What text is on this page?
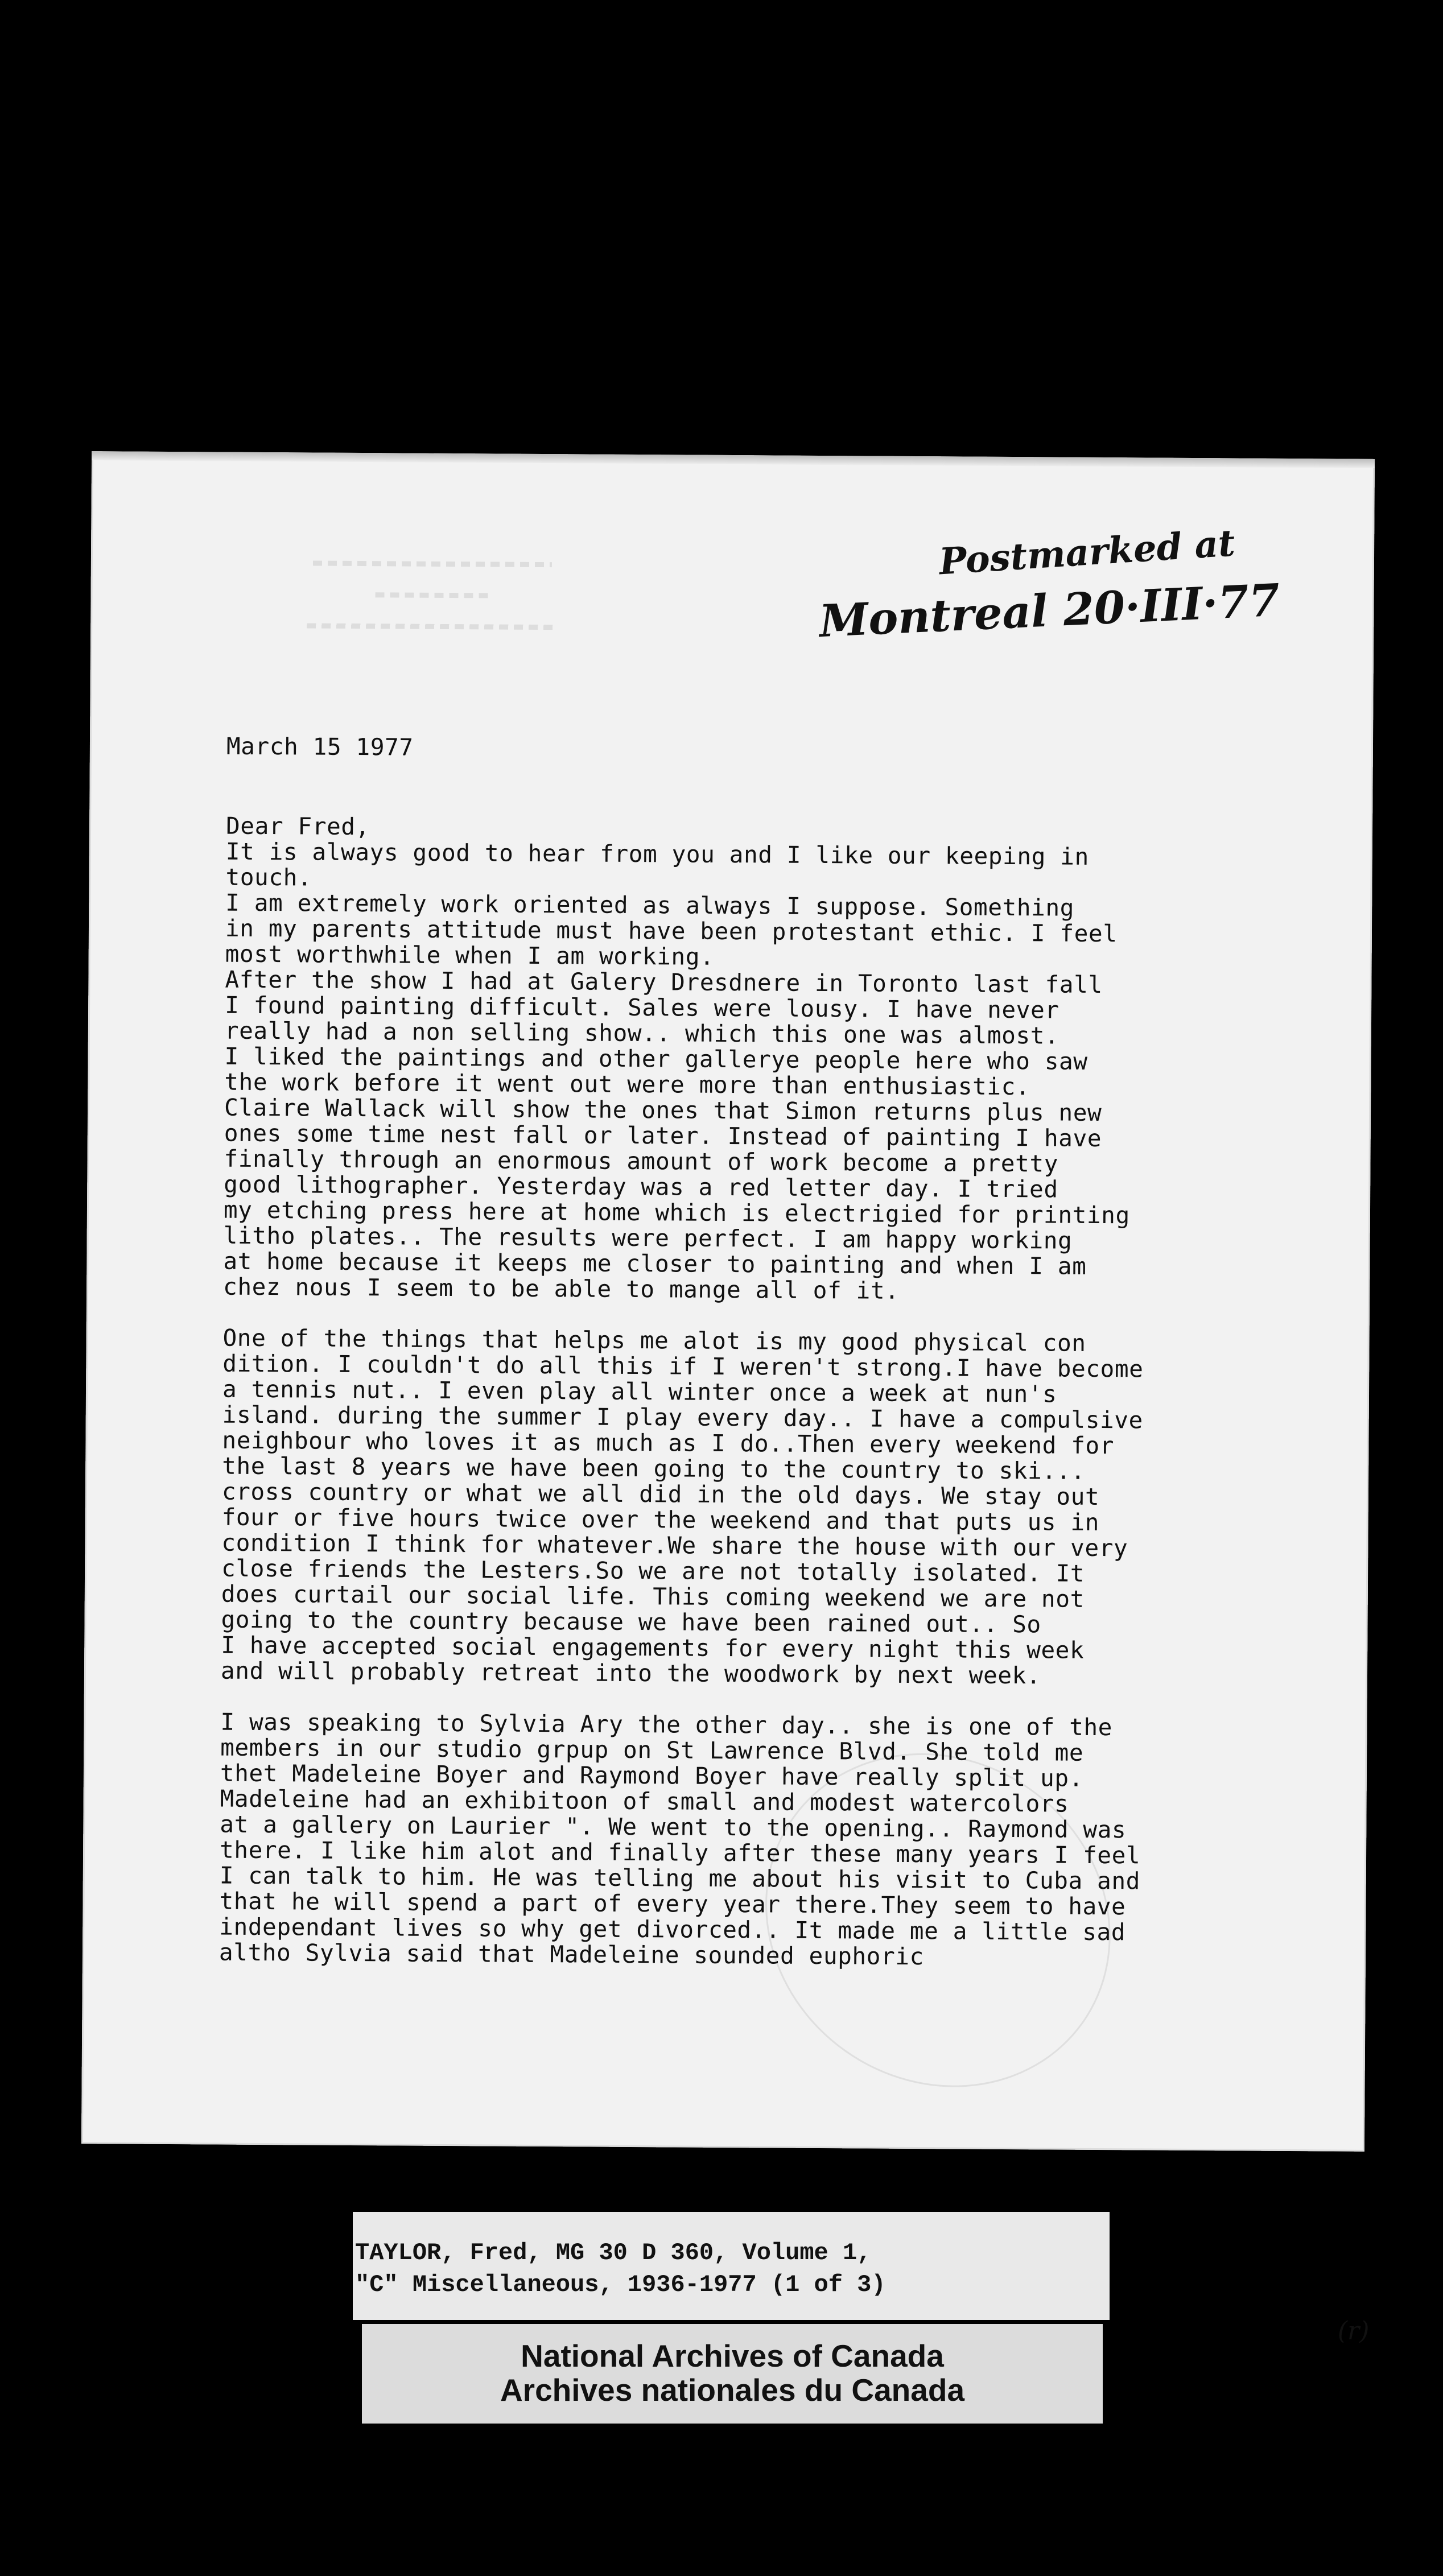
Postmarked at
Montreal 20·III·77
March 15 1977

Dear Fred,
It is always good to hear from you and I like our keeping in
touch.
I am extremely work oriented as always I suppose. Something
in my parents attitude must have been protestant ethic. I feel
most worthwhile when I am working.
After the show I had at Galery Dresdnere in Toronto last fall
I found painting difficult. Sales were lousy. I have never
really had a non selling show.. which this one was almost.
I liked the paintings and other gallerye people here who saw
the work before it went out were more than enthusiastic.
Claire Wallack will show the ones that Simon returns plus new
ones some time nest fall or later. Instead of painting I have
finally through an enormous amount of work become a pretty
good lithographer. Yesterday was a red letter day. I tried
my etching press here at home which is electrigied for printing
litho plates.. The results were perfect. I am happy working
at home because it keeps me closer to painting and when I am
chez nous I seem to be able to mange all of it.

One of the things that helps me alot is my good physical con
dition. I couldn't do all this if I weren't strong.I have become
a tennis nut.. I even play all winter once a week at nun's
island. during the summer I play every day.. I have a compulsive
neighbour who loves it as much as I do..Then every weekend for
the last 8 years we have been going to the country to ski...
cross country or what we all did in the old days. We stay out
four or five hours twice over the weekend and that puts us in
condition I think for whatever.We share the house with our very
close friends the Lesters.So we are not totally isolated. It
does curtail our social life. This coming weekend we are not
going to the country because we have been rained out.. So
I have accepted social engagements for every night this week
and will probably retreat into the woodwork by next week.

I was speaking to Sylvia Ary the other day.. she is one of the
members in our studio grpup on St Lawrence Blvd. She told me
thet Madeleine Boyer and Raymond Boyer have really split up.
Madeleine had an exhibitoon of small and modest watercolors
at a gallery on Laurier ". We went to the opening.. Raymond was
there. I like him alot and finally after these many years I feel
I can talk to him. He was telling me about his visit to Cuba and
that he will spend a part of every year there.They seem to have
independant lives so why get divorced.. It made me a little sad
altho Sylvia said that Madeleine sounded euphoric

(r)
TAYLOR, Fred, MG 30 D 360, Volume 1,
"C" Miscellaneous, 1936-1977 (1 of 3)
National Archives of Canada
Archives nationales du Canada
